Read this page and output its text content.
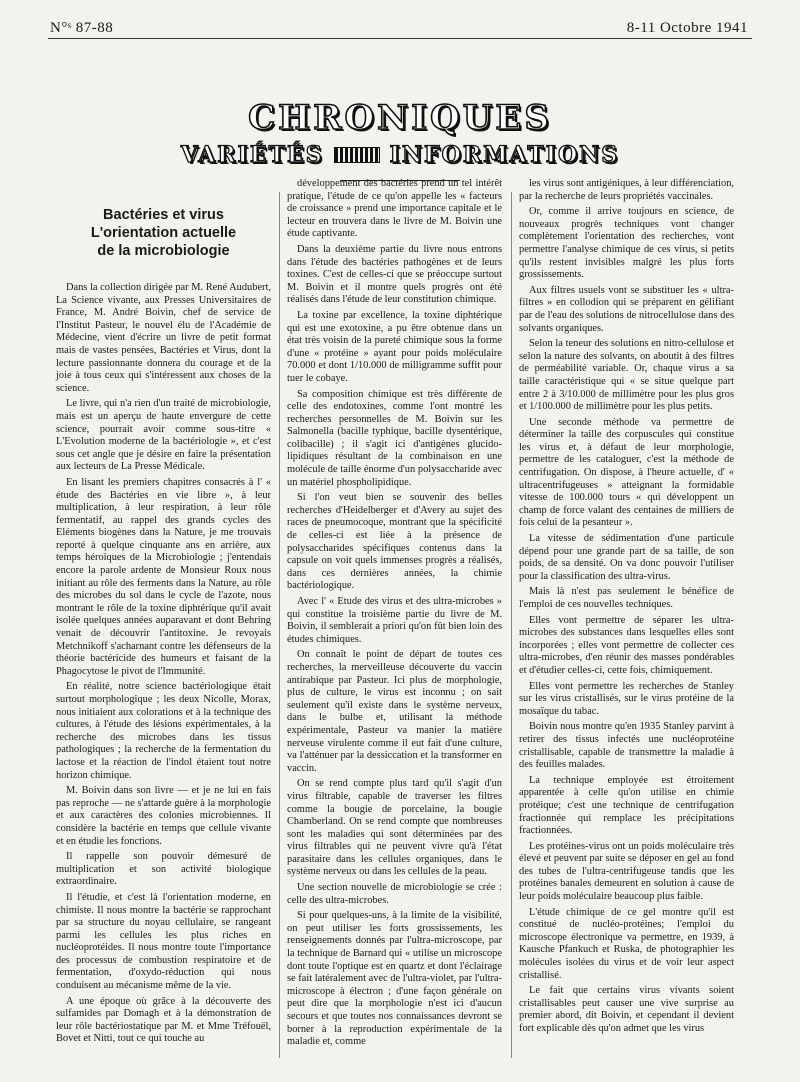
N°ˢ 87-88	8-11 Octobre 1941
CHRONIQUES
VARIÉTÉS	INFORMATIONS
Bactéries et virus
L'orientation actuelle
de la microbiologie

Dans la collection dirigée par M. René Audubert, La Science vivante, aux Presses Universitaires de France, M. André Boivin, chef de service de l'Institut Pasteur, le nouvel élu de l'Académie de Médecine, vient d'écrire un livre de petit format mais de vastes pensées, Bactéries et Virus, dont la lecture passionnante donnera du courage et de la joie à tous ceux qui s'intéressent aux choses de la science.

Le livre, qui n'a rien d'un traité de microbiologie, mais est un aperçu de haute envergure de cette science, pourrait avoir comme sous-titre « L'Evolution moderne de la bactériologie », et c'est sous cet angle que je désire en faire la présentation aux lecteurs de La Presse Médicale.

En lisant les premiers chapitres consacrés à l' « étude des Bactéries en vie libre », à leur multiplication, à leur respiration, à leur rôle fermentatif, au rappel des grands cycles des Eléments biogènes dans la Nature, je me trouvais reporté à quelque cinquante ans en arrière, aux temps héroïques de la Microbiologie ; j'entendais encore la parole ardente de Monsieur Roux nous initiant au rôle des ferments dans la Nature, au rôle des microbes du sol dans le cycle de l'azote, nous montrant le rôle de la toxine diphtérique qu'il avait isolée quelques années auparavant et dont Behring venait de découvrir l'antitoxine. Je revoyais Metchnikoff s'acharnant contre les défenseurs de la théorie bactéricide des humeurs et faisant de la Phagocytose le pivot de l'Immunité.

En réalité, notre science bactériologique était surtout morphologique ; les deux Nicolle, Morax, nous initiaient aux colorations et à la technique des cultures, à l'étude des lésions expérimentales, à la recherche des microbes dans les tissus pathologiques ; la recherche de la fermentation du lactose et la réaction de l'indol étaient tout notre horizon chimique.

M. Boivin dans son livre — et je ne lui en fais pas reproche — ne s'attarde guère à la morphologie et aux caractères des colonies microbiennes. Il considère la bactérie en temps que cellule vivante et en étudie les fonctions.

Il rappelle son pouvoir démesuré de multiplication et son activité biologique extraordinaire.

Il l'étudie, et c'est là l'orientation moderne, en chimiste. Il nous montre la bactérie se rapprochant par sa structure du noyau cellulaire, se rangeant parmi les cellules les plus riches en nucléoprotéides. Il nous montre toute l'importance des processus de combustion respiratoire et de fermentation, d'oxydo-réduction qui nous conduisent au mécanisme même de la vie.

A une époque où grâce à la découverte des sulfamides par Domagh et à la démonstration de leur rôle bactériostatique par M. et Mme Tréfouël, Bovet et Nitti, tout ce qui touche au

développement des bactéries prend un tel intérêt pratique, l'étude de ce qu'on appelle les « facteurs de croissance » prend une importance capitale et le lecteur en trouvera dans le livre de M. Boivin une étude captivante.

Dans la deuxième partie du livre nous entrons dans l'étude des bactéries pathogènes et de leurs toxines. C'est de celles-ci que se préoccupe surtout M. Boivin et il montre quels progrès ont été réalisés dans l'étude de leur constitution chimique.

La toxine par excellence, la toxine diphtérique qui est une exotoxine, a pu être obtenue dans un état très voisin de la pureté chimique sous la forme d'une « protéine » ayant pour poids moléculaire 70.000 et dont 1/10.000 de milligramme suffit pour tuer le cobaye.

Sa composition chimique est très différente de celle des endotoxines, comme l'ont montré les recherches personnelles de M. Boivin sur les Salmonella (bacille typhique, bacille dysentérique, colibacille) ; il s'agit ici d'antigènes glucido-lipidiques résultant de la combinaison en une molécule de taille énorme d'un polysaccharide avec un matériel phospholipidique.

Si l'on veut bien se souvenir des belles recherches d'Heidelberger et d'Avery au sujet des races de pneumocoque, montrant que la spécificité de celles-ci est liée à la présence de polysaccharides spécifiques contenus dans la capsule on voit quels immenses progrès a réalisés, dans ces dernières années, la chimie bactériologique.

Avec l' « Etude des virus et des ultra-microbes » qui constitue la troisième partie du livre de M. Boivin, il semblerait a priori qu'on fût bien loin des études chimiques.

On connaît le point de départ de toutes ces recherches, la merveilleuse découverte du vaccin antirabique par Pasteur. Ici plus de morphologie, plus de culture, le virus est inconnu ; on sait seulement qu'il existe dans le système nerveux, dans le bulbe et, utilisant la méthode expérimentale, Pasteur va manier la matière nerveuse virulente comme il eut fait d'une culture, va l'atténuer par la dessiccation et la transformer en vaccin.

On se rend compte plus tard qu'il s'agit d'un virus filtrable, capable de traverser les filtres comme la bougie de porcelaine, la bougie Chamberland. On se rend compte que nombreuses sont les maladies qui sont déterminées par des virus filtrables qui ne peuvent vivre qu'à l'état parasitaire dans les cellules organiques, dans le système nerveux ou dans les cellules de la peau.

Une section nouvelle de microbiologie se crée : celle des ultra-microbes.

Si pour quelques-uns, à la limite de la visibilité, on peut utiliser les forts grossissements, les renseignements donnés par l'ultra-microscope, par la technique de Barnard qui « utilise un microscope dont toute l'optique est en quartz et dont l'éclairage se fait latéralement avec de l'ultra-violet, par l'ultra-microscope à électron ; d'une façon générale on peut dire que la morphologie n'est ici d'aucun secours et que toutes nos connaissances devront se borner à la reproduction expérimentale de la maladie et, comme

les virus sont antigéniques, à leur différenciation, par la recherche de leurs propriétés vaccinales.

Or, comme il arrive toujours en science, de nouveaux progrès techniques vont changer complètement l'orientation des recherches, vont permettre l'analyse chimique de ces virus, si petits qu'ils restent invisibles malgré les plus forts grossissements.

Aux filtres usuels vont se substituer les « ultra-filtres » en collodion qui se préparent en gélifiant par de l'eau des solutions de nitrocellulose dans des solvants organiques.

Selon la teneur des solutions en nitro-cellulose et selon la nature des solvants, on aboutit à des filtres de perméabilité variable. Or, chaque virus a sa taille caractéristique qui « se situe quelque part entre 2 à 3/10.000 de millimètre pour les plus gros et 1/100.000 de millimètre pour les plus petits.

Une seconde méthode va permettre de déterminer la taille des corpuscules qui constitue les virus et, à défaut de leur morphologie, permettre de les cataloguer, c'est la méthode de centrifugation. On dispose, à l'heure actuelle, d' « ultracentrifugeuses » atteignant la formidable vitesse de 100.000 tours « qui développent un champ de force valant des centaines de milliers de fois celui de la pesanteur ».

La vitesse de sédimentation d'une particule dépend pour une grande part de sa taille, de son poids, de sa densité. On va donc pouvoir l'utiliser pour la classification des ultra-virus.

Mais là n'est pas seulement le bénéfice de l'emploi de ces nouvelles techniques.

Elles vont permettre de séparer les ultra-microbes des substances dans lesquelles elles sont incorporées ; elles vont permettre de collecter ces ultra-microbes, d'en réunir des masses pondérables et d'étudier celles-ci, cette fois, chimiquement.

Elles vont permettre les recherches de Stanley sur les virus cristallisés, sur le virus protéine de la mosaïque du tabac.

Boivin nous montre qu'en 1935 Stanley parvint à retirer des tissus infectés une nucléoprotéine cristallisable, capable de transmettre la maladie à des feuilles malades.

La technique employée est étroitement apparentée à celle qu'on utilise en chimie protéique; c'est une technique de centrifugation fractionnée qui remplace les précipitations fractionnées.

Les protéines-virus ont un poids moléculaire très élevé et peuvent par suite se déposer en gel au fond des tubes de l'ultra-centrifugeuse tandis que les protéines banales demeurent en solution à cause de leur poids moléculaire beaucoup plus faible.

L'étude chimique de ce gel montre qu'il est constitué de nucléo-protéines; l'emploi du microscope électronique va permettre, en 1939, à Kausche Pfankuch et Ruska, de photographier les molécules isolées du virus et de voir leur aspect cristallisé.

Le fait que certains virus vivants soient cristallisables peut causer une vive surprise au premier abord, dit Boivin, et cependant il devient fort explicable dès qu'on admet que les virus
